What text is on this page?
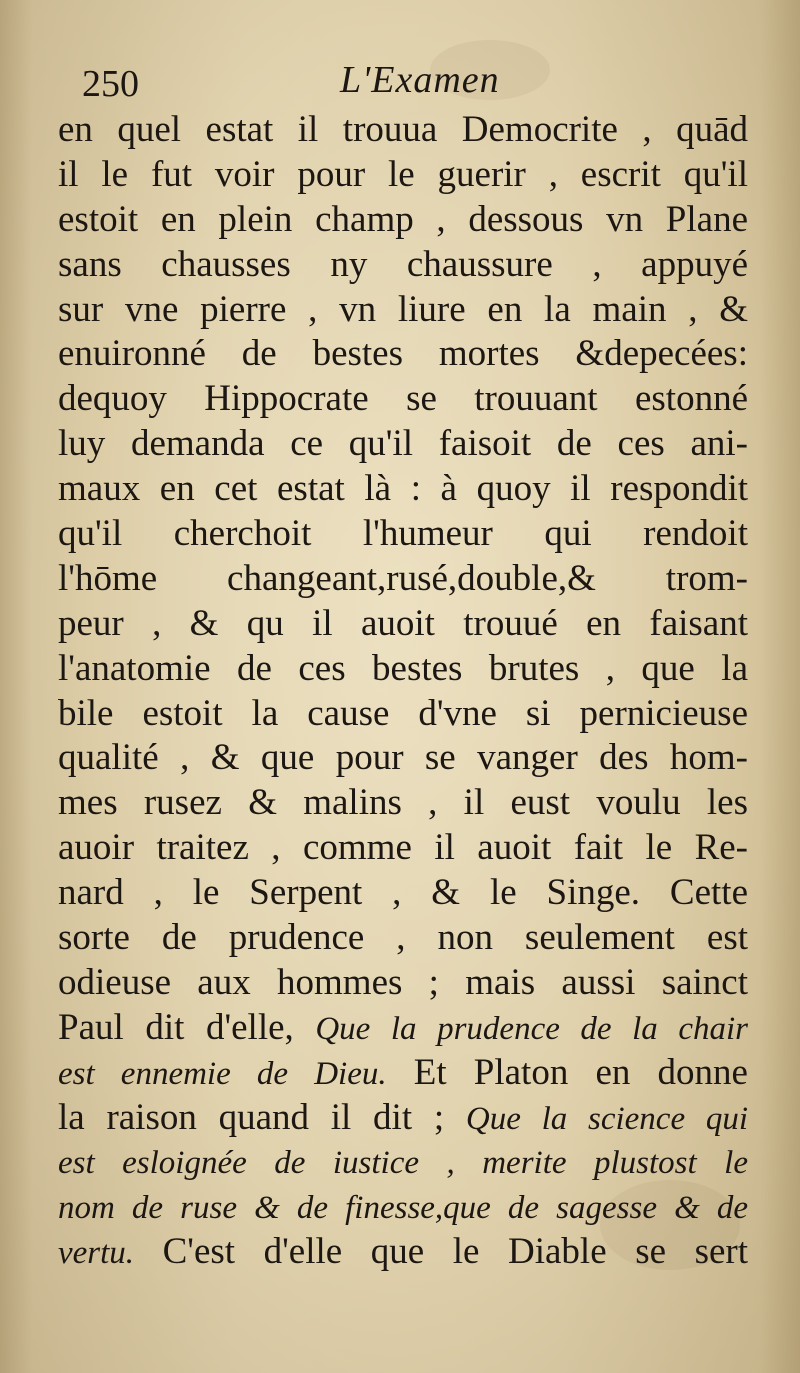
250	L'Examen
en quel estat il trouua Democrite , quād
il le fut voir pour le guerir , escrit qu'il
estoit en plein champ , dessous vn Plane
sans chausses ny chaussure , appuyé
sur vne pierre , vn liure en la main , &
enuironné de bestes mortes &depecées:
dequoy Hippocrate se trouuant estonné
luy demanda ce qu'il faisoit de ces ani-
maux en cet estat là : à quoy il respondit
qu'il cherchoit l'humeur qui rendoit
l'hōme changeant,rusé,double,& trom-
peur , & qu il auoit trouué en faisant
l'anatomie de ces bestes brutes , que la
bile estoit la cause d'vne si pernicieuse
qualité , & que pour se vanger des hom-
mes rusez & malins , il eust voulu les
auoir traitez , comme il auoit fait le Re-
nard , le Serpent , & le Singe. Cette
sorte de prudence , non seulement est
odieuse aux hommes ; mais aussi sainct
Paul dit d'elle, Que la prudence de la chair
est ennemie de Dieu. Et Platon en donne
la raison quand il dit ; Que la science qui
est esloignée de iustice , merite plustost le
nom de ruse & de finesse,que de sagesse & de
vertu. C'est d'elle que le Diable se sert
